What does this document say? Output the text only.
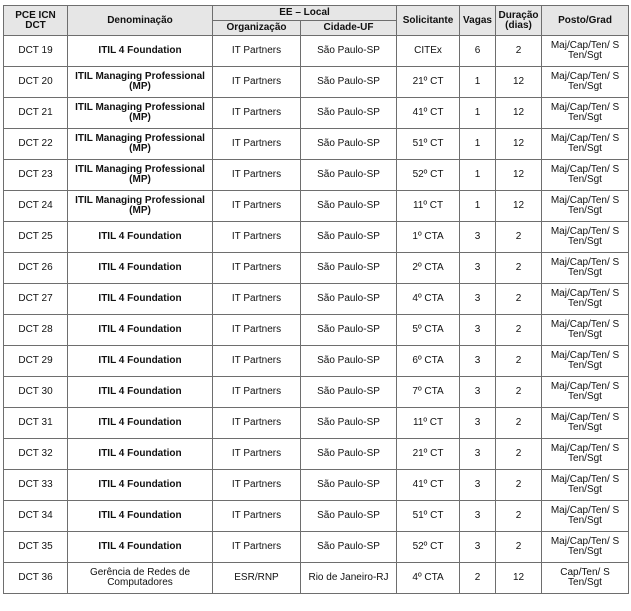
PCE ICN DCT	Denominação	EE – Local		Solicitante	Vagas	Duração (dias)	Posto/Grad
		Organização	Cidade-UF				
DCT 19	ITIL 4 Foundation	IT Partners	São Paulo-SP	CITEx	6	2	Maj/Cap/Ten/ S Ten/Sgt
DCT 20	ITIL Managing Professional (MP)	IT Partners	São Paulo-SP	21º CT	1	12	Maj/Cap/Ten/ S Ten/Sgt
DCT 21	ITIL Managing Professional (MP)	IT Partners	São Paulo-SP	41º CT	1	12	Maj/Cap/Ten/ S Ten/Sgt
DCT 22	ITIL Managing Professional (MP)	IT Partners	São Paulo-SP	51º CT	1	12	Maj/Cap/Ten/ S Ten/Sgt
DCT 23	ITIL Managing Professional (MP)	IT Partners	São Paulo-SP	52º CT	1	12	Maj/Cap/Ten/ S Ten/Sgt
DCT 24	ITIL Managing Professional (MP)	IT Partners	São Paulo-SP	11º CT	1	12	Maj/Cap/Ten/ S Ten/Sgt
DCT 25	ITIL 4 Foundation	IT Partners	São Paulo-SP	1º CTA	3	2	Maj/Cap/Ten/ S Ten/Sgt
DCT 26	ITIL 4 Foundation	IT Partners	São Paulo-SP	2º CTA	3	2	Maj/Cap/Ten/ S Ten/Sgt
DCT 27	ITIL 4 Foundation	IT Partners	São Paulo-SP	4º CTA	3	2	Maj/Cap/Ten/ S Ten/Sgt
DCT 28	ITIL 4 Foundation	IT Partners	São Paulo-SP	5º CTA	3	2	Maj/Cap/Ten/ S Ten/Sgt
DCT 29	ITIL 4 Foundation	IT Partners	São Paulo-SP	6º CTA	3	2	Maj/Cap/Ten/ S Ten/Sgt
DCT 30	ITIL 4 Foundation	IT Partners	São Paulo-SP	7º CTA	3	2	Maj/Cap/Ten/ S Ten/Sgt
DCT 31	ITIL 4 Foundation	IT Partners	São Paulo-SP	11º CT	3	2	Maj/Cap/Ten/ S Ten/Sgt
DCT 32	ITIL 4 Foundation	IT Partners	São Paulo-SP	21º CT	3	2	Maj/Cap/Ten/ S Ten/Sgt
DCT 33	ITIL 4 Foundation	IT Partners	São Paulo-SP	41º CT	3	2	Maj/Cap/Ten/ S Ten/Sgt
DCT 34	ITIL 4 Foundation	IT Partners	São Paulo-SP	51º CT	3	2	Maj/Cap/Ten/ S Ten/Sgt
DCT 35	ITIL 4 Foundation	IT Partners	São Paulo-SP	52º CT	3	2	Maj/Cap/Ten/ S Ten/Sgt
DCT 36	Gerência de Redes de Computadores	ESR/RNP	Rio de Janeiro-RJ	4º CTA	2	12	Cap/Ten/ S Ten/Sgt
